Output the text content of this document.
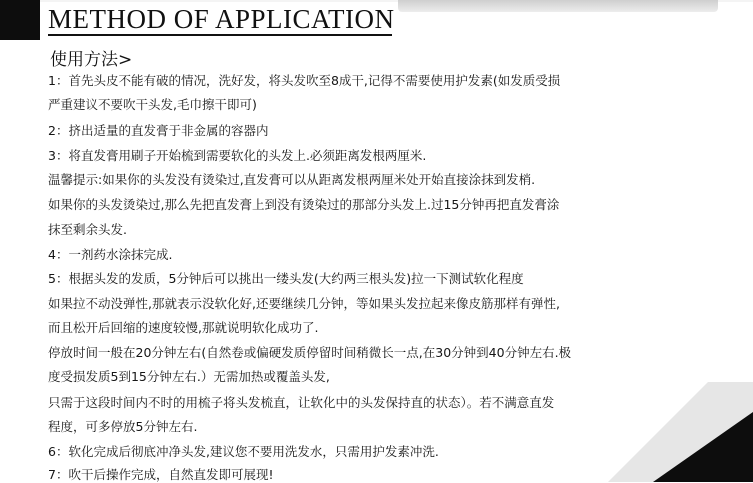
METHOD OF APPLICATION
使用方法>
1：首先头皮不能有破的情况，洗好发，将头发吹至8成干,记得不需要使用护发素(如发质受损
严重建议不要吹干头发,毛巾擦干即可)
2：挤出适量的直发膏于非金属的容器内
3：将直发膏用刷子开始梳到需要软化的头发上.必须距离发根两厘米.
温馨提示:如果你的头发没有烫染过,直发膏可以从距离发根两厘米处开始直接涂抹到发梢.
如果你的头发烫染过,那么先把直发膏上到没有烫染过的那部分头发上.过15分钟再把直发膏涂
抹至剩余头发.
4：一剂药水涂抹完成.
5：根据头发的发质，5分钟后可以挑出一缕头发(大约两三根头发)拉一下测试软化程度
如果拉不动没弹性,那就表示没软化好,还要继续几分钟，等如果头发拉起来像皮筋那样有弹性,
而且松开后回缩的速度较慢,那就说明软化成功了.
停放时间一般在20分钟左右(自然卷或偏硬发质停留时间稍微长一点,在30分钟到40分钟左右.极
度受损发质5到15分钟左右.）无需加热或覆盖头发,
只需于这段时间内不时的用梳子将头发梳直，让软化中的头发保持直的状态）。若不满意直发
程度，可多停放5分钟左右.
6：软化完成后彻底冲净头发,建议您不要用洗发水，只需用护发素冲洗.
7：吹干后操作完成，自然直发即可展现!
